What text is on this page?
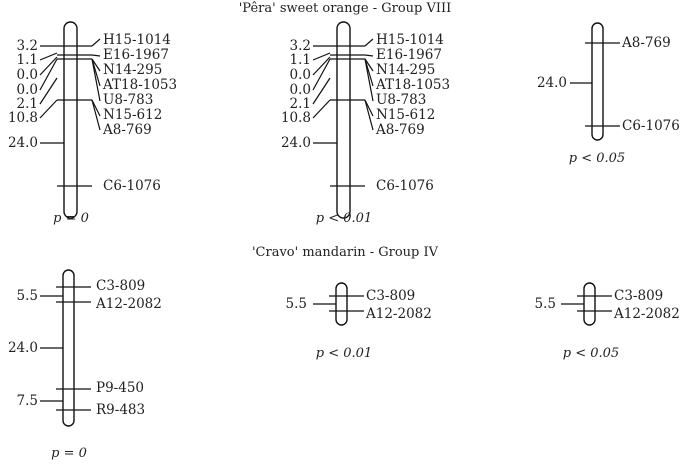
'Pêra' sweet orange - Group VIII
'Cravo' mandarin - Group IV
H15-1014
E16-1967
N14-295
AT18-1053
U8-783
N15-612
A8-769
C6-1076
3.2
1.1
0.0
0.0
2.1
10.8
24.0
p = 0
H15-1014
E16-1967
N14-295
AT18-1053
U8-783
N15-612
A8-769
C6-1076
3.2
1.1
0.0
0.0
2.1
10.8
24.0
p < 0.01
A8-769
C6-1076
24.0
p < 0.05
C3-809
A12-2082
P9-450
R9-483
5.5
24.0
7.5
p = 0
C3-809
A12-2082
5.5
p < 0.01
C3-809
A12-2082
5.5
p < 0.05
